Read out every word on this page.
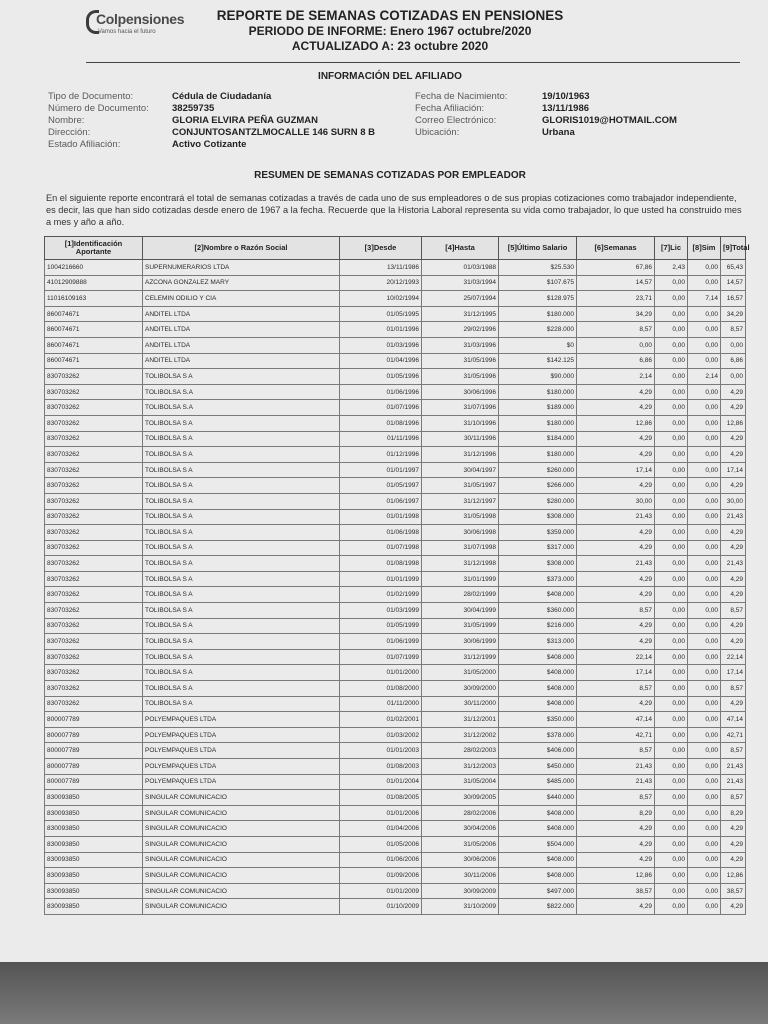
Colpensiones
Vamos hacia el futuro
REPORTE DE SEMANAS COTIZADAS EN PENSIONES
PERIODO DE INFORME: Enero 1967 octubre/2020
ACTUALIZADO A: 23 octubre 2020
INFORMACIÓN DEL AFILIADO
Tipo de Documento:	Cédula de Ciudadanía
Número de Documento: 38259735
Nombre:	GLORIA ELVIRA PEÑA GUZMAN
Dirección:	CONJUNTOSANTZLMOCALLE 146 SURN 8 B
Estado Afiliación:	Activo Cotizante
Fecha de Nacimiento:	19/10/1963
Fecha Afiliación:	13/11/1986
Correo Electrónico:	GLORIS1019@HOTMAIL.COM
Ubicación:	Urbana
RESUMEN DE SEMANAS COTIZADAS POR EMPLEADOR
En el siguiente reporte encontrará el total de semanas cotizadas a través de cada uno de sus empleadores o de sus propias cotizaciones como trabajador independiente, es decir, las que han sido cotizadas desde enero de 1967 a la fecha. Recuerde que la Historia Laboral representa su vida como trabajador, lo que usted ha construido mes a mes y año a año.
[1]Identificación Aportante	[2]Nombre o Razón Social	[3]Desde	[4]Hasta	[5]Último Salario	[6]Semanas	[7]Lic	[8]Sim	[9]Total
1004216660	SUPERNUMERARIOS LTDA	13/11/1986	01/03/1988	$25.530	67,86	2,43	0,00	65,43
41012909888	AZCONA GONZALEZ MARY	20/12/1993	31/03/1994	$107.675	14,57	0,00	0,00	14,57
11016109163	CELEMIN ODILIO Y CIA	10/02/1994	25/07/1994	$128.975	23,71	0,00	7,14	16,57
860074671	ANDITEL LTDA	01/05/1995	31/12/1995	$180.000	34,29	0,00	0,00	34,29
860074671	ANDITEL LTDA	01/01/1996	29/02/1996	$228.000	8,57	0,00	0,00	8,57
860074671	ANDITEL LTDA	01/03/1996	31/03/1996	$0	0,00	0,00	0,00	0,00
860074671	ANDITEL LTDA	01/04/1996	31/05/1996	$142.125	6,86	0,00	0,00	6,86
830703262	TOLIBOLSA S A	01/05/1996	31/05/1996	$90.000	2,14	0,00	2,14	0,00
830703262	TOLIBOLSA S.A	01/06/1996	30/06/1996	$180.000	4,29	0,00	0,00	4,29
830703262	TOLIBOLSA S.A	01/07/1996	31/07/1996	$189.000	4,29	0,00	0,00	4,29
830703262	TOLIBOLSA S A	01/08/1996	31/10/1996	$180.000	12,86	0,00	0,00	12,86
830703262	TOLIBOLSA S A	01/11/1996	30/11/1996	$184.000	4,29	0,00	0,00	4,29
830703262	TOLIBOLSA S A	01/12/1996	31/12/1996	$180.000	4,29	0,00	0,00	4,29
830703262	TOLIBOLSA S A	01/01/1997	30/04/1997	$260.000	17,14	0,00	0,00	17,14
830703262	TOLIBOLSA S A	01/05/1997	31/05/1997	$266.000	4,29	0,00	0,00	4,29
830703262	TOLIBOLSA S A	01/06/1997	31/12/1997	$280.000	30,00	0,00	0,00	30,00
830703262	TOLIBOLSA S A	01/01/1998	31/05/1998	$308.000	21,43	0,00	0,00	21,43
830703262	TOLIBOLSA S A	01/06/1998	30/06/1998	$359.000	4,29	0,00	0,00	4,29
830703262	TOLIBOLSA S A	01/07/1998	31/07/1998	$317.000	4,29	0,00	0,00	4,29
830703262	TOLIBOLSA S A	01/08/1998	31/12/1998	$308.000	21,43	0,00	0,00	21,43
830703262	TOLIBOLSA S A	01/01/1999	31/01/1999	$373.000	4,29	0,00	0,00	4,29
830703262	TOLIBOLSA S A	01/02/1999	28/02/1999	$408.000	4,29	0,00	0,00	4,29
830703262	TOLIBOLSA S A	01/03/1999	30/04/1999	$360.000	8,57	0,00	0,00	8,57
830703262	TOLIBOLSA S A	01/05/1999	31/05/1999	$216.000	4,29	0,00	0,00	4,29
830703262	TOLIBOLSA S A	01/06/1999	30/06/1999	$313.000	4,29	0,00	0,00	4,29
830703262	TOLIBOLSA S A	01/07/1999	31/12/1999	$408.000	22,14	0,00	0,00	22,14
830703262	TOLIBOLSA S A	01/01/2000	31/05/2000	$408.000	17,14	0,00	0,00	17,14
830703262	TOLIBOLSA S A	01/08/2000	30/09/2000	$408.000	8,57	0,00	0,00	8,57
830703262	TOLIBOLSA S A	01/11/2000	30/11/2000	$408.000	4,29	0,00	0,00	4,29
800007789	POLYEMPAQUES LTDA	01/02/2001	31/12/2001	$350.000	47,14	0,00	0,00	47,14
800007789	POLYEMPAQUES LTDA	01/03/2002	31/12/2002	$378.000	42,71	0,00	0,00	42,71
800007789	POLYEMPAQUES LTDA	01/01/2003	28/02/2003	$406.000	8,57	0,00	0,00	8,57
800007789	POLYEMPAQUES LTDA	01/08/2003	31/12/2003	$450.000	21,43	0,00	0,00	21,43
800007789	POLYEMPAQUES LTDA	01/01/2004	31/05/2004	$485.000	21,43	0,00	0,00	21,43
830093850	SINGULAR COMUNICACIO	01/08/2005	30/09/2005	$440.000	8,57	0,00	0,00	8,57
830093850	SINGULAR COMUNICACIO	01/01/2006	28/02/2006	$408.000	8,29	0,00	0,00	8,29
830093850	SINGULAR COMUNICACIO	01/04/2006	30/04/2006	$408.000	4,29	0,00	0,00	4,29
830093850	SINGULAR COMUNICACIO	01/05/2006	31/05/2006	$504.000	4,29	0,00	0,00	4,29
830093850	SINGULAR COMUNICACIO	01/06/2006	30/06/2006	$408.000	4,29	0,00	0,00	4,29
830093850	SINGULAR COMUNICACIO	01/09/2006	30/11/2006	$408.000	12,86	0,00	0,00	12,86
830093850	SINGULAR COMUNICACIO	01/01/2009	30/09/2009	$497.000	38,57	0,00	0,00	38,57
830093850	SINGULAR COMUNICACIO	01/10/2009	31/10/2009	$822.000	4,29	0,00	0,00	4,29
